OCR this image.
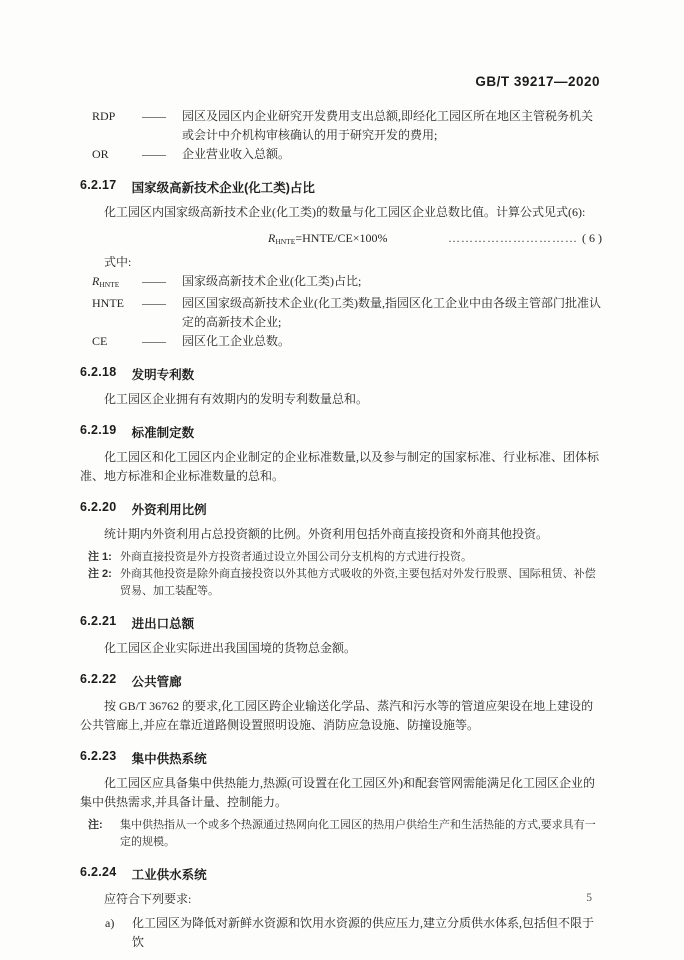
GB/T 39217—2020
RDP	——	园区及园区内企业研究开发费用支出总额,即经化工园区所在地区主管税务机关或会计中介机构审核确认的用于研究开发的费用;
OR	——	企业营业收入总额。
6.2.17 国家级高新技术企业(化工类)占比

化工园区内国家级高新技术企业(化工类)的数量与化工园区企业总数比值。计算公式见式(6):

$R_{HNTE}=HNTE/CE\times 100\%$	………………………… ( 6 )
式中:
$R_{HNTE}$	——	国家级高新技术企业(化工类)占比;
HNTE	——	园区国家级高新技术企业(化工类)数量,指园区化工企业中由各级主管部门批准认定的高新技术企业;
CE	——	园区化工企业总数。
6.2.18 发明专利数

化工园区企业拥有有效期内的发明专利数量总和。

6.2.19 标准制定数

化工园区和化工园区内企业制定的企业标准数量,以及参与制定的国家标准、行业标准、团体标准、地方标准和企业标准数量的总和。

6.2.20 外资利用比例

统计期内外资利用占总投资额的比例。外资利用包括外商直接投资和外商其他投资。

注 1: 外商直接投资是外方投资者通过设立外国公司分支机构的方式进行投资。
注 2: 外商其他投资是除外商直接投资以外其他方式吸收的外资,主要包括对外发行股票、国际租赁、补偿贸易、加工装配等。
6.2.21 进出口总额

化工园区企业实际进出我国国境的货物总金额。

6.2.22 公共管廊

按 GB/T 36762 的要求,化工园区跨企业输送化学品、蒸汽和污水等的管道应架设在地上建设的公共管廊上,并应在靠近道路侧设置照明设施、消防应急设施、防撞设施等。

6.2.23 集中供热系统

化工园区应具备集中供热能力,热源(可设置在化工园区外)和配套管网需能满足化工园区企业的集中供热需求,并具备计量、控制能力。

注:	集中供热指从一个或多个热源通过热网向化工园区的热用户供给生产和生活热能的方式,要求具有一定的规模。
6.2.24 工业供水系统

应符合下列要求:

a)	化工园区为降低对新鲜水资源和饮用水资源的供应压力,建立分质供水体系,包括但不限于饮
5
